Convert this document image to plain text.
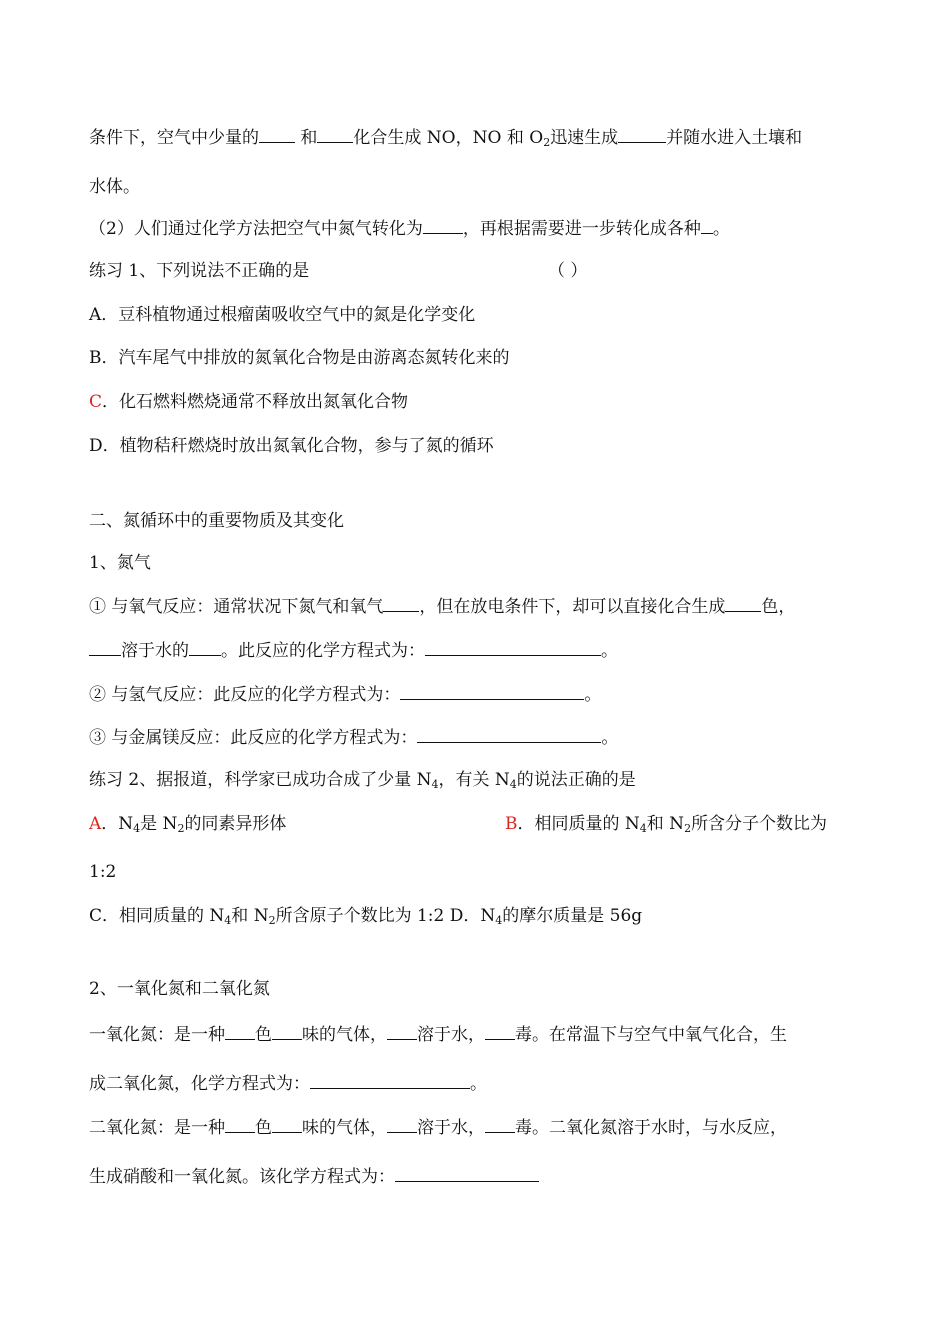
条件下，空气中少量的 和 化合生成 NO，NO 和 $O_2$迅速生成	并随水进入土壤和
水体。
（2）人们通过化学方法把空气中氮气转化为 ，再根据需要进一步转化成各种 。
练习 1、下列说法不正确的是	（ ）
A．豆科植物通过根瘤菌吸收空气中的氮是化学变化
B．汽车尾气中排放的氮氧化合物是由游离态氮转化来的
C．化石燃料燃烧通常不释放出氮氧化合物
D．植物秸秆燃烧时放出氮氧化合物，参与了氮的循环
二、氮循环中的重要物质及其变化
1、氮气
① 与氧气反应：通常状况下氮气和氧气 ，但在放电条件下，却可以直接化合生成 色，
溶于水的 。此反应的化学方程式为：	。
② 与氢气反应：此反应的化学方程式为：	。
③ 与金属镁反应：此反应的化学方程式为：	。
练习 2、据报道，科学家已成功合成了少量 $N_4$，有关 $N_4$的说法正确的是
A．$N_4$是 $N_2$的同素异形体	B．相同质量的 $N_4$和 $N_2$所含分子个数比为
1:2
C．相同质量的 $N_4$和 $N_2$所含原子个数比为 1:2 D．$N_4$的摩尔质量是 56g
2、一氧化氮和二氧化氮
一氧化氮：是一种 色 味的气体， 溶于水， 毒。在常温下与空气中氧气化合，生
成二氧化氮，化学方程式为：	。
二氧化氮：是一种 色 味的气体， 溶于水， 毒。二氧化氮溶于水时，与水反应，
生成硝酸和一氧化氮。该化学方程式为：
